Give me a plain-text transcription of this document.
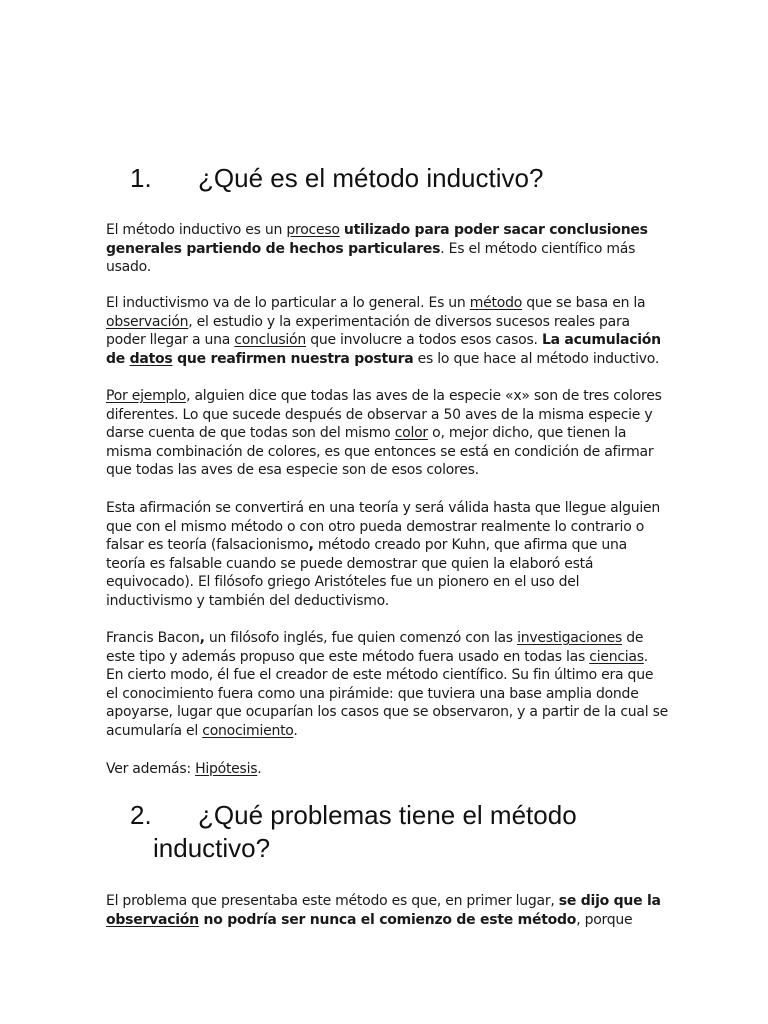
1. ¿Qué es el método inductivo?

El método inductivo es un proceso utilizado para poder sacar conclusiones generales partiendo de hechos particulares. Es el método científico más usado.

El inductivismo va de lo particular a lo general. Es un método que se basa en la observación, el estudio y la experimentación de diversos sucesos reales para poder llegar a una conclusión que involucre a todos esos casos. La acumulación de datos que reafirmen nuestra postura es lo que hace al método inductivo.

Por ejemplo, alguien dice que todas las aves de la especie «x» son de tres colores diferentes. Lo que sucede después de observar a 50 aves de la misma especie y darse cuenta de que todas son del mismo color o, mejor dicho, que tienen la misma combinación de colores, es que entonces se está en condición de afirmar que todas las aves de esa especie son de esos colores.

Esta afirmación se convertirá en una teoría y será válida hasta que llegue alguien que con el mismo método o con otro pueda demostrar realmente lo contrario o falsar es teoría (falsacionismo, método creado por Kuhn, que afirma que una teoría es falsable cuando se puede demostrar que quien la elaboró está equivocado). El filósofo griego Aristóteles fue un pionero en el uso del inductivismo y también del deductivismo.

Francis Bacon, un filósofo inglés, fue quien comenzó con las investigaciones de este tipo y además propuso que este método fuera usado en todas las ciencias. En cierto modo, él fue el creador de este método científico. Su fin último era que el conocimiento fuera como una pirámide: que tuviera una base amplia donde apoyarse, lugar que ocuparían los casos que se observaron, y a partir de la cual se acumularía el conocimiento.

Ver además: Hipótesis.

2. ¿Qué problemas tiene el método
inductivo?

El problema que presentaba este método es que, en primer lugar, se dijo que la observación no podría ser nunca el comienzo de este método, porque
